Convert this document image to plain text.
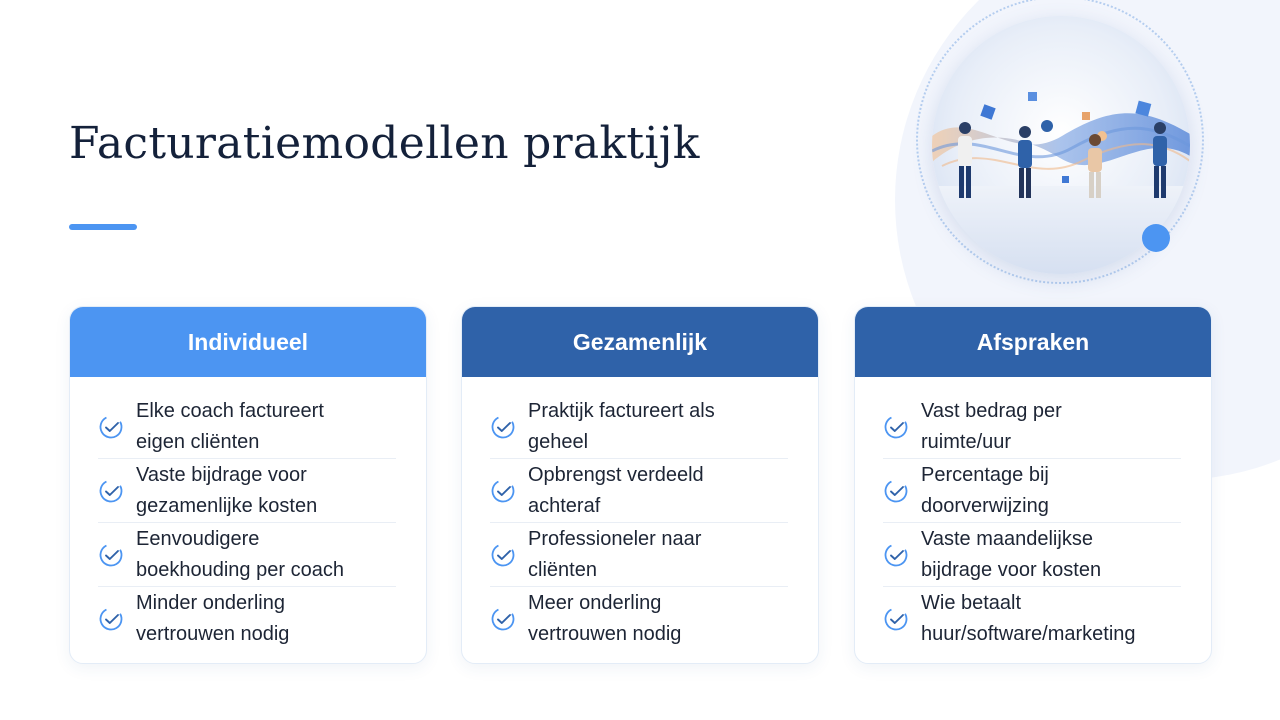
Facturatiemodellen praktijk
Individueel
Elke coach factureert
eigen cliënten
Vaste bijdrage voor
gezamenlijke kosten
Eenvoudigere
boekhouding per coach
Minder onderling
vertrouwen nodig
Gezamenlijk
Praktijk factureert als
geheel
Opbrengst verdeeld
achteraf
Professioneler naar
cliënten
Meer onderling
vertrouwen nodig
Afspraken
Vast bedrag per
ruimte/uur
Percentage bij
doorverwijzing
Vaste maandelijkse
bijdrage voor kosten
Wie betaalt
huur/software/marketing
